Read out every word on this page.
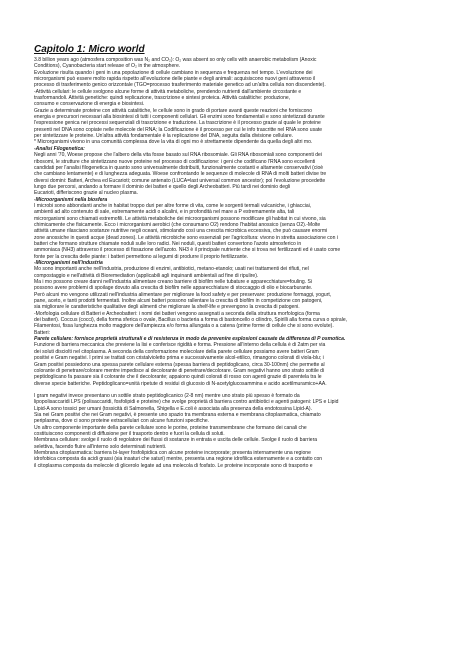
Capitolo 1: Micro world

3.8 billion years ago (atmosfera composition was N₂ and CO₂): O₂ was absent so only cells with anaerobic metabolism (Anoxic

Conditions), Cyanobacteria start release of O₂ in the atmosphere.

Evoluzione risulta quando i geni in una popolazione di cellule cambiano in sequenza e frequenza nel tempo. L'evoluzione dei

microrganismi può essere molto rapida rispetto all'evoluzione delle piante e degli animali: acquisiscono nuovi geni attraverso il

processo di trasferimento genico orizzontale (TGO=processo trasferimento materiale genetico ad un'altra cellula non discendente).

-Attività cellulari: le cellule svolgono alcune forme di attività metaboliche, prendendo nutrienti dall'ambiente circostante e

trasformandoli. Attività genetiche: quindi replicazione, trascrizione e sintesi proteica. Attività catalitiche: produzione,

consumo e conservazione di energia e biosintesi.

Grazie a determinate proteine con attività catalitiche, le cellule sono in grado di portare avanti queste reazioni che forniscono

energia e precursori necessari alla biosintesi di tutti i componenti cellulari. Gli enzimi sono fondamentali e sono sintetizzati durante

l'espressione genica nei processi sequenziali di trascrizione e traduzione. La trascrizione è il processo grazie al quale le proteine

presenti nel DNA sono copiate nelle molecole del RNA; la Codificazione è il processo per cui le info trascritte nel RNA sono usate

per sintetizzare le proteine. Un'altra attività fondamentale è la replicazione del DNA, seguita dalla divisione cellulare.

* Microrganismi vivono in una comunità complessa dove la vita di ogni mo è strettamente dipendente da quella degli altri mo.

-Analisi Filogenetica:

Negli anni '70, Woese propose che l'albero della vita fosse basato sul RNA ribosomiale. Gli RNA ribosomiali sono componenti dei

ribosomi, le strutture che sintetizzano nuove proteine nel processo di codificazione: i geni che codificano l'RNA sono eccellenti

candidati per l'analisi filogenetica in quanto sono universalmente distribuiti, funzionalmente costanti e altamente conservativi (cioè

che cambiano lentamente) e di lunghezza adeguata. Woese confrontando le sequenze di molecole di RNA di molti batteri divise tre

diversi domini: Batteri, Archea ed Eucarioti; comune antenato (LUCA=last universal common ancestor); poi l'evoluzione procedette

lungo due percorsi, andando a formare il dominio dei batteri e quello degli Archeobatteri. Più tardi nei dominio degli

Eucarioti, differiscono grazie al nucleo plasma.

-Microorganismi nella biosfera

I microbi sono abbondanti anche in habitat troppo duri per altre forme di vita, come le sorgenti termali vulcaniche, i ghiacciai,

ambienti ad alto contenuto di sale, estremamente acidi o alcalini, e in profondità nel mare a P estremamente alta, tali

microrganismi sono chiamati estremofili. Le attività metaboliche dei microorganismi possono modificare gli habitat in cui vivono, sia

chimicamente che fisicamente. Ecco i microrganismi aerobici (che consumano O2) rendono l'habitat anossico (senza O2).-Molte

attività umane rilasciano sostanze nutritive negli oceani, stimolando così una crescita microbica eccessiva, che può causare enormi

zone anossiche in questi acque (dead zones). Le attività microbiche sono essenziali per l'agricoltura: vivono in stretta associazione con i

batteri che formano strutture chiamate noduli sulle loro radici. Nei noduli, questi batteri convertono l'azoto atmosferico in

ammoniaca (NH3) attraverso il processo di fissazione dell'azoto. NH3 è il principale nutriente che si trova nei fertilizzanti ed è usato come

fonte per la crescita delle piante: i batteri permettono ai legumi di produrre il proprio fertilizzante.

-Microrganismi nell'industria

Mo sono importanti anche nell'industria, produzione di enzimi, antibiotici, metano-etanolo; usati nei trattamenti dei rifiuti, nel

compostaggio e nell'attività di Bioremediation (applicabili agli inquinanti ambientali ad fine di ripulire).

Ma i mo possono creare danni nell'industria alimentare creano barriere di biofilm nelle tubature e apparecchiature=fouling. Si

possono avere problemi di spoilage dovuto alla crescita di biofilm nelle apparecchiature di stoccaggio di olio e biocarburante.

Però alcuni mo vengono utilizzati nell'industria alimentare per migliorare la food safety e per preservare: produzione formaggi, yogurt,

pane, aceto, e tanti prodotti fermentati. Inoltre alcuni batteri possono rallentare la crescita di biofilm in competizione con patogeni,

sia migliorare le caratteristiche qualitative degli alimenti che migliorare la shelf-life e prevengono la crescita di patogeni.

-Morfologia cellulare di Batteri e Archeobatteri: i nomi dei batteri vengono assegnati a seconda della struttura morfologica (forma

dei batteri). Coccus (cocci), della forma sferica o ovale, Bacillus o bacteria a forma di bastoncello o cilindro, Spirilli alla forma curva o spirale,

Filamentosi, fissa lunghezza molto maggiore dell'ampiezza e/o forma allungata o a catena (prime forme di cellule che si sono evolute).

Batteri:

Parete cellulare: fornisce proprietà strutturali e di resistenza in modo da prevenire esplosioni causate da differenza di P osmotica.

Funzione di barriera meccanica che previene la lisi e conferisce rigidità e forma. Pressione all'interno della cellula è di 2atm per via

dei soluti disciolti nel citoplasma. A seconda della conformazione molecolare della parete cellulare possiamo avere batteri Gram

positivi e Gram negativi. I primi se trattati con cristalvioletto prima e successivamente alcol-etilico, rimangono colorati di viola-blu; i

Gram positivi possiedono una spessa parete cellulare esterna (spessa barriera di peptidoglicano, circa 30-100nm) che permette al

colorante di penetrare/colorare mentre impedisce al decolorante di penetrare/decolorare. Gram negativi hanno uno strato sottile di

peptidoglicano fa passare sia il colorante che il decolorante; appaiono quindi colorati di rosso con agenti grazie di parentela tra le

diverse specie batteriche. Peptidoglicano=unità ripetute di residui di glucosio di N-acetylglucosammina e acido acetilmuramico+AA.

I gram negativi invece presentano un sottile strato peptidoglicanico (2-8 nm) mentre uno strato più spesso è formato da

lipopolisaccaridi LPS (polisaccaridi, fosfolipidi e proteine) che svolge proprietà di barriera contro antibiotici e agenti patogeni: LPS e Lipid

Lipid-A sono tossici per umani (tossicità di Salmonella, Shigella e E.coli è associata alla presenza della endotossina Lipid-A).

Sia nei Gram positivi che nei Gram negativi, è presente uno spazio tra membrana esterna e membrana citoplasmatica, chiamato

periplasma, dove ci sono proteine extracellulari con alcune funzioni specifiche.

Un altro componente importante della parete cellulare sono le porine, proteine transmembrane che formano dei canali che

costituiscono componenti di diffusione per il trasporto dentro e fuori la cellula di soluti.

Membrana cellulare: svolge il ruolo di regolatore dei flussi di sostanze in entrata e uscita delle cellule. Svolge il ruolo di barriera

selettiva, facendo fluire all'interno solo determinati nutrienti.

Membrana citoplasmatica: barriera bi-layer fosfolipidica con alcune proteine incorporate; presenta internamente una regione

idrofobica composta da acidi grassi (sia insaturi che saturi) mentre, presenta una regione idrofilica esternamente e a contatto con

il citoplasma composta da molecole di glicerolo legate ad una molecola di fosfato. Le proteine incorporate sono di trasporto e
